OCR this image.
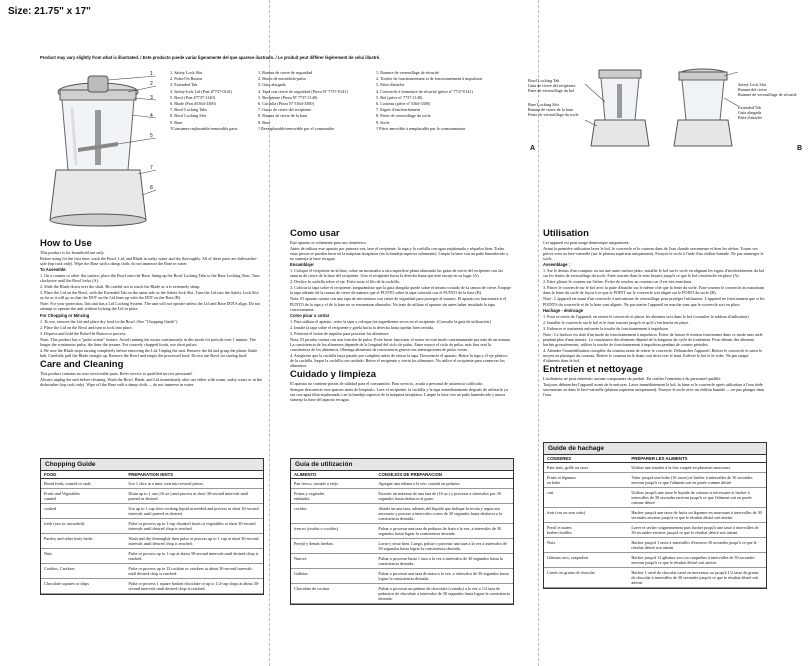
Size: 21.75" x 17"
Product may vary slightly from what is illustrated. / Este producto puede variar ligeramente del que aparece ilustrado. / Le produit peut différer légèrement de celui illustré.
1
2
3
4
5
7
8
1. Safety Lock Slot
2. Pulse/On Button
3. Extended Tab
4. Safety-lock Lid (Part #7737-0141)
5. Bowl (Part #7737-1140)
6. Blade (Part #5364-3300)
7. Bowl Locking Tabs
8. Bowl Locking Slot
9. Base
†Consumer replaceable/removable parts
1. Ranura de cierre de seguridad
2. Botón de encendido-pulso
3. Guía alargada
4. Tapa con cierre de seguridad (Pieza Nº 7737-0141)
5. Recipiente (Pieza Nº 7737-1140)
6. Cuchilla (Pieza Nº 5364-3300)
7. Guías de cierre del recipiente
8. Ranura de cierre de la base
9. Base
† Reemplazable/removible por el consumidor
1. Rainure de verrouillage de sécurité
2. Touche de fonctionnement et de fonctionnement à impulsion
3. Patte d'attache
4. Couvercle à fermeture de sécurité (pièce nº 7737-0141)
5. Bol (pièce nº 7737-1140)
6. Couteau (pièce nº 5364-3300)
7. Ergots d'enclenchement
8. Fente de verrouillage du socle
9. Socle
† Pièce amovible à remplacable par le consommateur
Bowl Locking Tab
Guía de cierre del recipiente
Patte de verrouillage du bol
Base Locking Slot
Ranura de cierre de la base
Fente de verrouillage du socle
A
Safety Lock Slot
Ranura del cierre
Rainure de verrouillage de sécurité
Extended Tab
Guía alargada
Patte d'attache
B
How to Use

This product is for household use only.

Before using for the first time, wash the Bowl, Lid, and Blade in sudsy water and dry thoroughly. All of these parts are dishwasher-safe (top rack only). Wipe the Base with a damp cloth; do not immerse the Base in water.

To Assemble:

1. On a counter or other flat surface, place the Bowl onto the Base, lining up the Bowl Locking Tabs to the Base Locking Slots. Turn clockwise until the Bowl locks (A).

2. Slide the Blade down over the shaft. Be careful not to touch the Blade as it is extremely sharp.

3. Place the Lid on the Bowl, with the Extended Tab on the same side as the Safety-lock Slot. Turn the Lid into the Safety Lock Slot as far as it will go so that the DOT on the Lid lines up with the DOT on the Base (B).

Note: For your protection, this unit has a Lid Locking System. The unit will not operate unless the Lid and Base DOTS align. Do not attempt to operate the unit without locking the Lid in place.

For Chopping or Mincing

1. To use, remove the Lid and place dry food in the Bowl. (See "Chopping Guide").

2. Place the Lid on the Bowl and turn to lock into place.

3. Depress and hold the Pulse/On Button to process.

Note: This product has a "pulse action" feature. Avoid running the motor continuously in this mode for periods over 1 minute. The longer the continuous pulse, the finer the texture. For coarsely chopped foods, use short pulses.

4. Be sure the Blade stops turning completely before removing the Lid. Unplug the unit. Remove the lid and grasp the plastic blade hub. Carefully pull the Blade straight up. Remove the Bowl and empty the processed food. Do not use Bowl for storing food.

Care and Cleaning

This product contains no user serviceable parts. Refer service to qualified service personnel.

Always unplug the unit before cleaning. Wash the Bowl, Blade, and Lid immediately after use either with warm, sudsy water or in the dishwasher (top rack only). Wipe off the Base with a damp cloth — do not immerse in water.

Como usar

Este aparato es solamente para uso doméstico.

Antes de utilizar este aparato por primera vez, lave el recipiente, la tapa y la cuchilla con agua enjabonada y séquelos bien. Todas estas piezas se pueden lavar en la máquina lavaplatos (en la bandeja superior solamente). Limpie la base con un paño humedecido y no sumerja la base en agua.

Ensamblaje:

1. Coloque el recipiente en la base, sobre un mostrador u otra superficie plana alineando las guías de cierre del recipiente con las ranuras de cierre de la base del recipiente. Gire el recipiente hacia la derecha hasta que éste encaje en su lugar (A).

2. Deslice la cuchilla sobre el eje. Evite tocar el filo de la cuchilla.

3. Colocar la tapa sobre el recipiente, asegurándose que la guía alargada quede sobre el mismo costado de la ranura de cierre. Empuje la tapa adentro de la ranura de cierre de manera que el PUNTO sobre la tapa coincida con el PUNTO de la base (B).

Nota: El aparato cuenta con una tapa de mecanismo con cierre de seguridad para proteger al usuario. El aparato no funcionará si el PUNTO de la tapa y el de la base no se encuentran alineados. No trate de utilizar el aparato sin antes haber instalado la tapa correctamente.

Como picar o cortar

1. Para utilizar el aparato, retire la tapa y coloque los ingredientes secos en el recipiente. (Consulte la guía de utilización.)

2. Instale la tapa sobre el recipiente y gírela hacia la derecha hasta quedar bien cerrada.

3. Presione el botón de impulso para procesar los alimentos.

Nota: El picador cuenta con una función de pulso. Evite hacer funcionar el motor en este modo continuamente por más de un minuto. La consistencia de los alimentos depende de la longitud del ciclo de pulso. Entre mayor el ciclo de pulso, más fina será la consistencia de los alimentos. Obtenga alimentos de consistencia gruesa con interrupciones de pulso cortas.

4. Asegúrese que la cuchilla haya parado por completo antes de retirar la tapa. Desconecte el aparato. Retire la tapa y el eje plástico de la cuchilla. Saque la cuchilla con cuidado. Retire el recipiente y vierta los alimentos. No utilice el recipiente para conservar los alimentos.

Cuidado y limpieza

El aparato no contiene piezas de utilidad para el consumidor. Para servicio, acuda a personal de asistencia calificado.

Siempre desconecte este aparato antes de limpiarlo. Lave el recipiente, la cuchilla y la tapa inmediatamente después de utilizarlo ya sea con agua tibia enjabonada o en la bandeja superior de la máquina lavaplatos. Limpie la base con un paño humedecido y nunca sumerja la base del aparato en agua.

Utilisation

Cet appareil est pour usage domestique uniquement.

Avant la première utilisation laver le bol, le couvercle et le couteau dans de l'eau chaude savonneuse et bien les sécher. Toutes ces pièces vont au lave-vaisselle (sur le plateau supérieur uniquement). Essuyer le socle à l'aide d'un chiffon humide. Ne pas immerger le socle.

Assemblage :

1. Sur le dessus d'un comptoir ou sur une autre surface plate, installer le bol sur le socle en alignant les ergots d'enclenchement du bol sur les fentes de verrouillage du socle. Faire tourner dans le sens horaire jusqu'à ce que le bol s'enclenche en place (A).

2. Faire glisser le couteau sur l'arbre. Éviter de toucher au couteau car il est très tranchant.

3. Placer le couvercle sur le bol avec la patte d'attache sur le même côté que la fente du socle. Faire tourner le couvercle au maximum dans la fente du socle de façon à ce que le POINT sur le couvercle soit aligné sur le POINT du socle (B).

Note : L'appareil est muni d'un couvercle à mécanisme de verrouillage pour protéger l'utilisateur. L'appareil ne fonctionnera que si les POINTS du couvercle et de la base sont alignés. Ne pas mettre l'appareil en marche sans que le couvercle soit en place.

Hachage - émincage

1. Pour se servir de l'appareil, en retirer le couvercle et placer les aliments secs dans le bol (consulter le tableau d'utilisation).

2. Installer le couvercle sur le bol et le faire tourner jusqu'à ce qu'il s'enclenche en place.

3. Enfoncer et maintenir enfoncée la touche de fonctionnement à impulsion.

Note : Le hachoir est doté d'un mode de fonctionnement à impulsion. Éviter de laisser le moteur fonctionner dans ce mode sans arrêt pendant plus d'une minute. La consistance des aliments dépend de la longueur du cycle de traitement. Pour obtenir des aliments hachés grossièrement, utiliser la touche de fonctionnement à impulsion pendant de courtes périodes.

4. Attendre l'immobilisation complète du couteau avant de retirer le couvercle. Débrancher l'appareil. Retirer le couvercle et saisir le moyeu en plastique du couteau. Retirer le couteau en le tirant tout droit vers le haut. Enlever le bol et le vider. Ne pas ranger d'aliments dans le bol.

Entretien et nettoyage

L'utilisateur ne peut entretenir aucune composante du produit. En confier l'entretien à du personnel qualifié.

Toujours débrancher l'appareil avant de le nettoyer. Laver immédiatement le bol, la lame et le couvercle après utilisation à l'eau tiède savonneuse ou dans le lave-vaisselle (plateau supérieur uniquement). Essuyer le socle avec un chiffon humide — ne pas plonger dans l'eau.

Chopping Guide
FOOD	PREPARATION HINTS
Bread fresh, toasted or stale	Use 1 slice at a time, torn into several pieces.
Fruits and Vegetables
canned	Drain up to 1 can (16 oz.) and process at short 30-second intervals until pureed as desired.
cooked	Use up to 1 cup slice cooking liquid as needed and process at short 30-second intervals until pureed as desired.
fresh (raw or uncooked)	Pulse or process up to 1 cup chunked fruits or vegetables at short 30-second intervals until desired chop is reached.
Parsley and other leafy herbs	Wash and dry thoroughly then pulse or process up to 1 cup at short 30-second intervals until desired chop is reached.
Nuts	Pulse or process up to 1 cup at about 30-second intervals until desired chop is reached.
Cookies, Crackers	Pulse or process up to 12 cookies or crackers at about 30-second intervals until desired chop is reached.
Chocolate squares or chips	Pulse or process 1 square broken chocolate or up to 1/2-cup chips at about 30-second intervals until desired chop is reached.
Guía de utilización
ALIMENTO	CONSEJOS DE PREPARACION
Pan fresco, tostado o viejo	Agregue una rebana a la vez, cortada en pedazos
Frutas y vegetales
enlatados	Escurrir un máximo de una lata de (16 oz.) y procesar a intervalos por 30 segundos hasta deshacer al gusto
cocidos	Añadir un una taza, además del líquido que indique la receta y según sea necesario y procese a intervalos cortos de 30 segundos hasta deshacer a la consistencia deseada.
frescos (crudos o cocidos)	Pulsar o procesar una taza de pedazos de fruta a la vez, a intervalos de 30 segundos hasta lograr la consistencia deseada.
Perejil y demás hierbas	Lavar y secar bien. Luego, pulsar o procesar una taza a la vez a intervalos de 30 segundos hasta lograr la consistencia deseada.
Nueces	Pulsar o procesar hasta 1 taza a la vez a intervalos de 30 segundos hasta la consistencia deseada.
Galletas	Pulsar o procesar una taza de masa a la vez, a intervalos de 30 segundos hasta lograr la consistencia deseada.
Chocolate de cocinar	Pulsar o procesar un pedazo de chocolate (cortado) a la vez o 1/2 taza de pedacitos de chocolate a intervalos de 30 segundos hasta lograr la consistencia deseada.
Guide de hachage
CONSERES	PRÉPARER LES ALIMENTS
Pain frais, grillé ou rassi	Utiliser une tranche à la fois coupée en plusieurs morceaux
Fruits et légumes
en boîte	Vider jusqu'à une boîte (16 onces) et hacher à intervalles de 30 secondes environ jusqu'à ce que l'aliment soit en purée comme désiré
cuit	Utiliser jusqu'à une tasse le liquide de cuisson si nécessaire et hacher à intervalles de 30 secondes environ jusqu'à ce que l'aliment soit en purée comme désiré
frais (cru ou non cuits)	Hacher jusqu'à une tasse de fruits ou légumes en morceaux à intervalles de 30 secondes environ jusqu'à ce que le résultat désiré soit atteint.
Persil et autres
herbes-feuilles	Laver et sécher soigneusement puis hacher jusqu'à une tasse à intervalles de 30 secondes environ jusqu'à ce que le résultat désiré soit atteint.
Noix	Hacher jusqu'à 1 tasse à intervalles d'environ 30 secondes jusqu'à ce que le résultat désiré soit atteint
Gâteaux secs, craquelins	Hacher jusqu'à 12 gâteaux secs ou craquelins à intervalles de 30 secondes environ jusqu'à ce que le résultat désiré soit atteint.
Carrés ou grains de chocolat	Hacher 1 carré de chocolat cassé en morceaux ou jusqu'à 1/2 tasse de grains de chocolat à intervalles de 30 secondes jusqu'à ce que le résultat désiré soit atteint.
